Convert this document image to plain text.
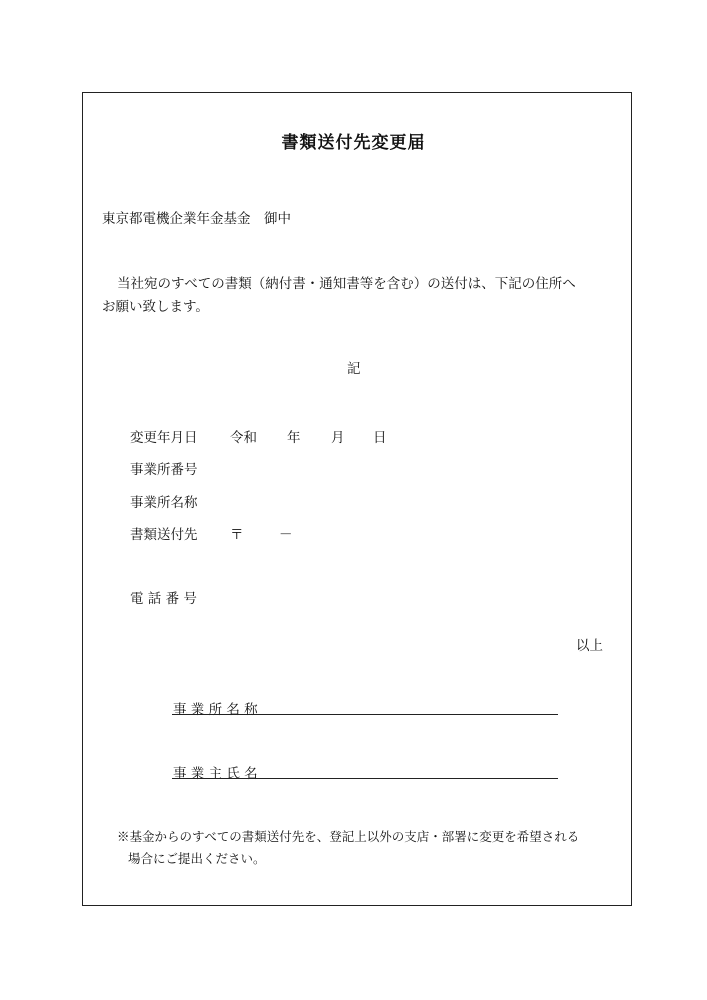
書類送付先変更届
東京都電機企業年金基金　御中
当社宛のすべての書類（納付書・通知書等を含む）の送付は、下記の住所へ
お願い致します。
記
変更年月日 令和 年 月 日
事業所番号
事業所名称
書類送付先 〒	－
電 話 番 号
以上
事 業 所 名 称
事 業 主 氏 名
※基金からのすべての書類送付先を、登記上以外の支店・部署に変更を希望される
場合にご提出ください。
